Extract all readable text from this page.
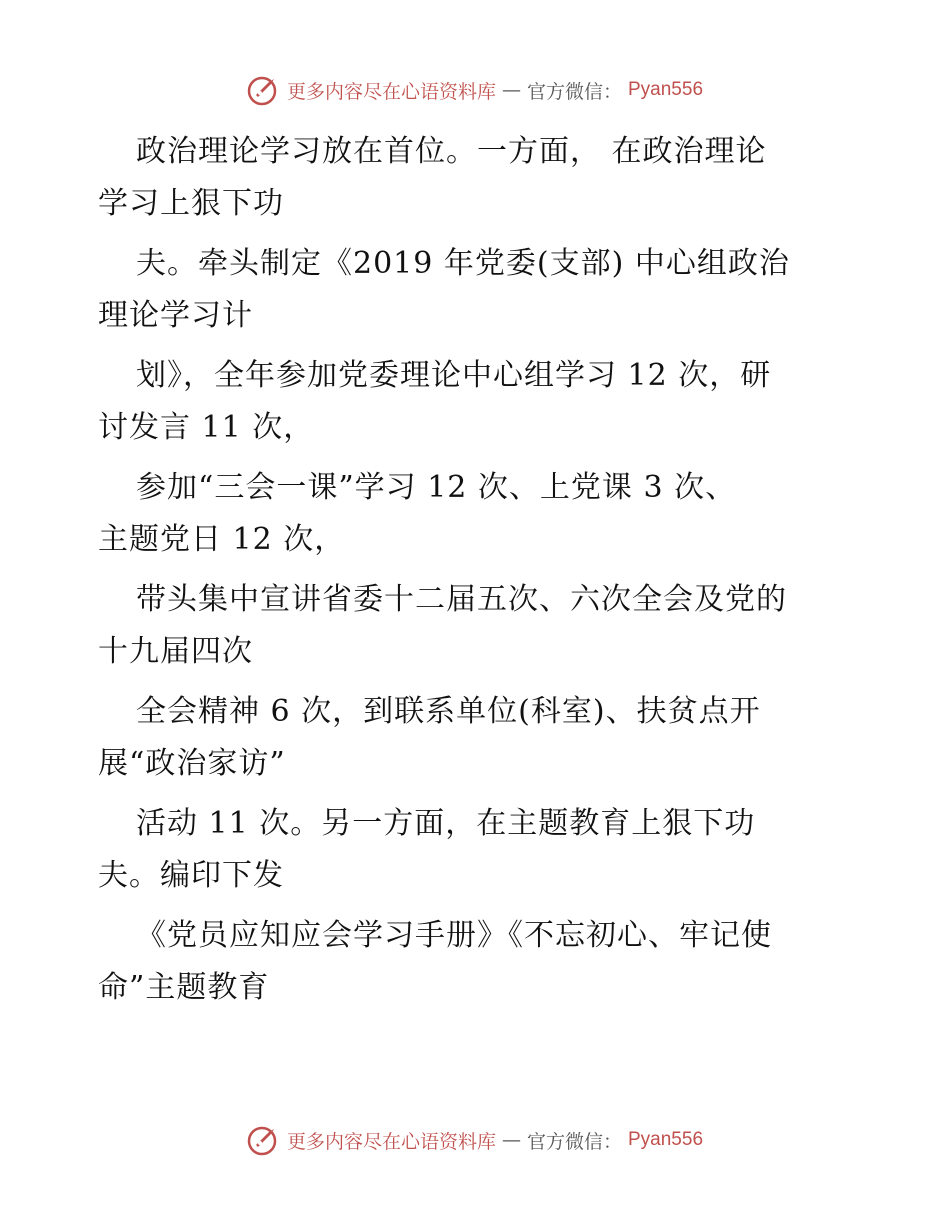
更多内容尽在心语资料库 — 官方微信： Pyan556

政治理论学习放在首位。一方面， 在政治理论
学习上狠下功

夫。牵头制定《2019 年党委(支部) 中心组政治
理论学习计

划》，全年参加党委理论中心组学习 12 次，研
讨发言 11 次，

参加“三会一课”学习 12 次、上党课 3 次、
主题党日 12 次，

带头集中宣讲省委十二届五次、六次全会及党的
十九届四次

全会精神 6 次，到联系单位(科室)、扶贫点开
展“政治家访”

活动 11 次。另一方面，在主题教育上狠下功
夫。编印下发

《党员应知应会学习手册》《不忘初心、牢记使
命”主题教育

更多内容尽在心语资料库 — 官方微信： Pyan556
